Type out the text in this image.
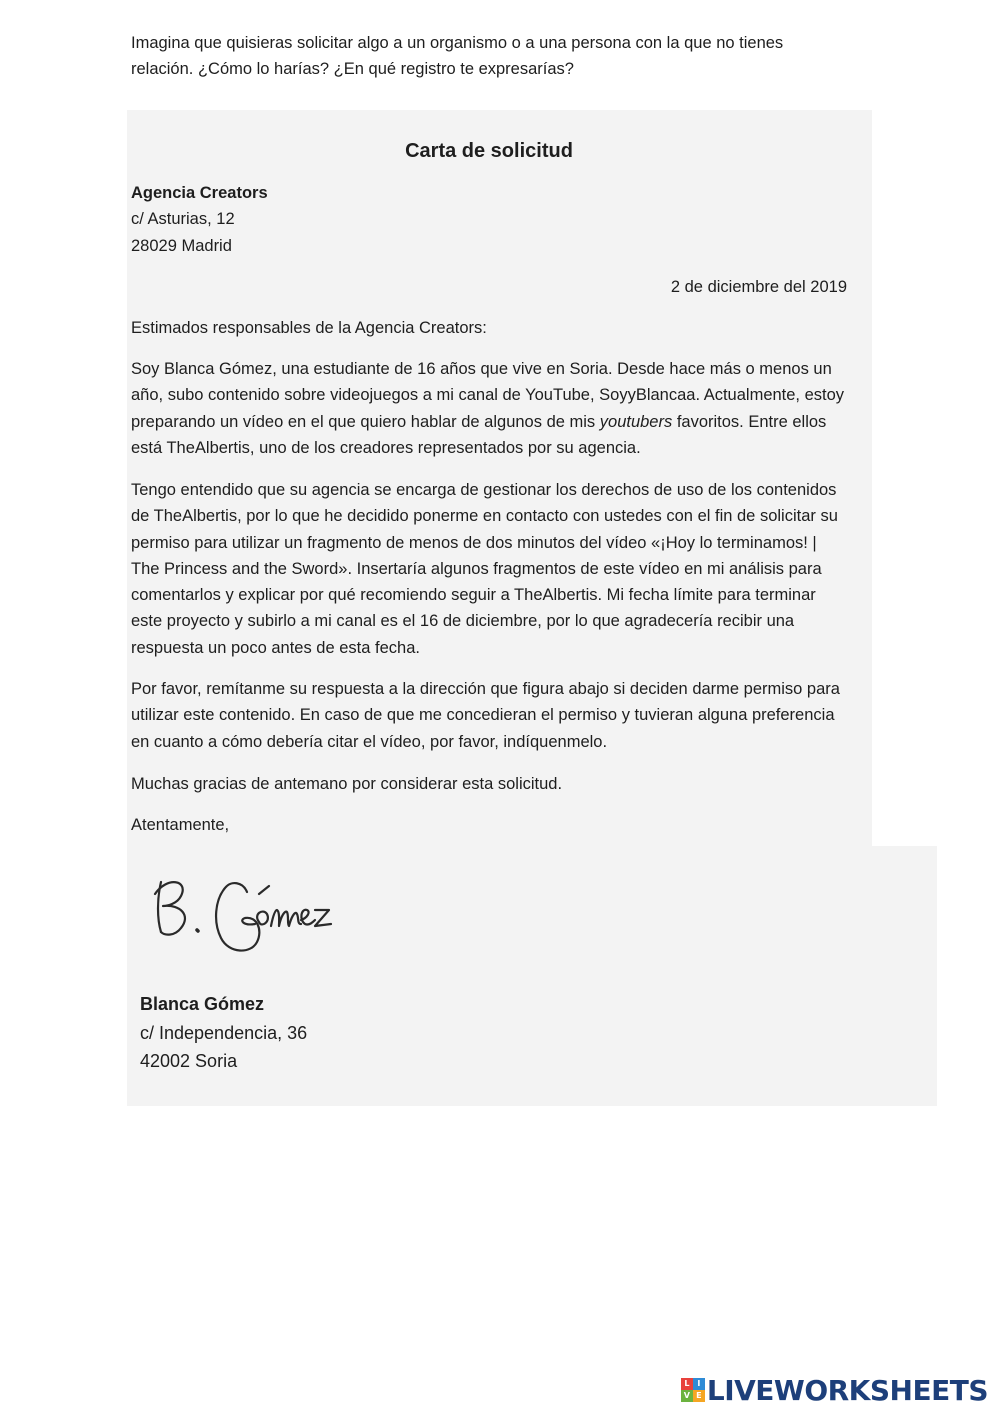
Imagina que quisieras solicitar algo a un organismo o a una persona con la que no tienes
relación. ¿Cómo lo harías? ¿En qué registro te expresarías?
Carta de solicitud
Agencia Creators
c/ Asturias, 12
28029 Madrid
2 de diciembre del 2019

Estimados responsables de la Agencia Creators:

Soy Blanca Gómez, una estudiante de 16 años que vive en Soria. Desde hace más o menos un año, subo contenido sobre videojuegos a mi canal de YouTube, SoyyBlancaa. Actualmente, estoy preparando un vídeo en el que quiero hablar de algunos de mis youtubers favoritos. Entre ellos está TheAlbertis, uno de los creadores representados por su agencia.

Tengo entendido que su agencia se encarga de gestionar los derechos de uso de los contenidos de TheAlbertis, por lo que he decidido ponerme en contacto con ustedes con el fin de solicitar su permiso para utilizar un fragmento de menos de dos minutos del vídeo «¡Hoy lo terminamos! | The Princess and the Sword». Insertaría algunos fragmentos de este vídeo en mi análisis para comentarlos y explicar por qué recomiendo seguir a TheAlbertis. Mi fecha límite para terminar este proyecto y subirlo a mi canal es el 16 de diciembre, por lo que agradecería recibir una respuesta un poco antes de esta fecha.

Por favor, remítanme su respuesta a la dirección que figura abajo si deciden darme permiso para utilizar este contenido. En caso de que me concedieran el permiso y tuvieran alguna preferencia en cuanto a cómo debería citar el vídeo, por favor, indíquenmelo.

Muchas gracias de antemano por considerar esta solicitud.

Atentamente,

Blanca Gómez
c/ Independencia, 36
42002 Soria
L I
V E LIVEWORKSHEETS
